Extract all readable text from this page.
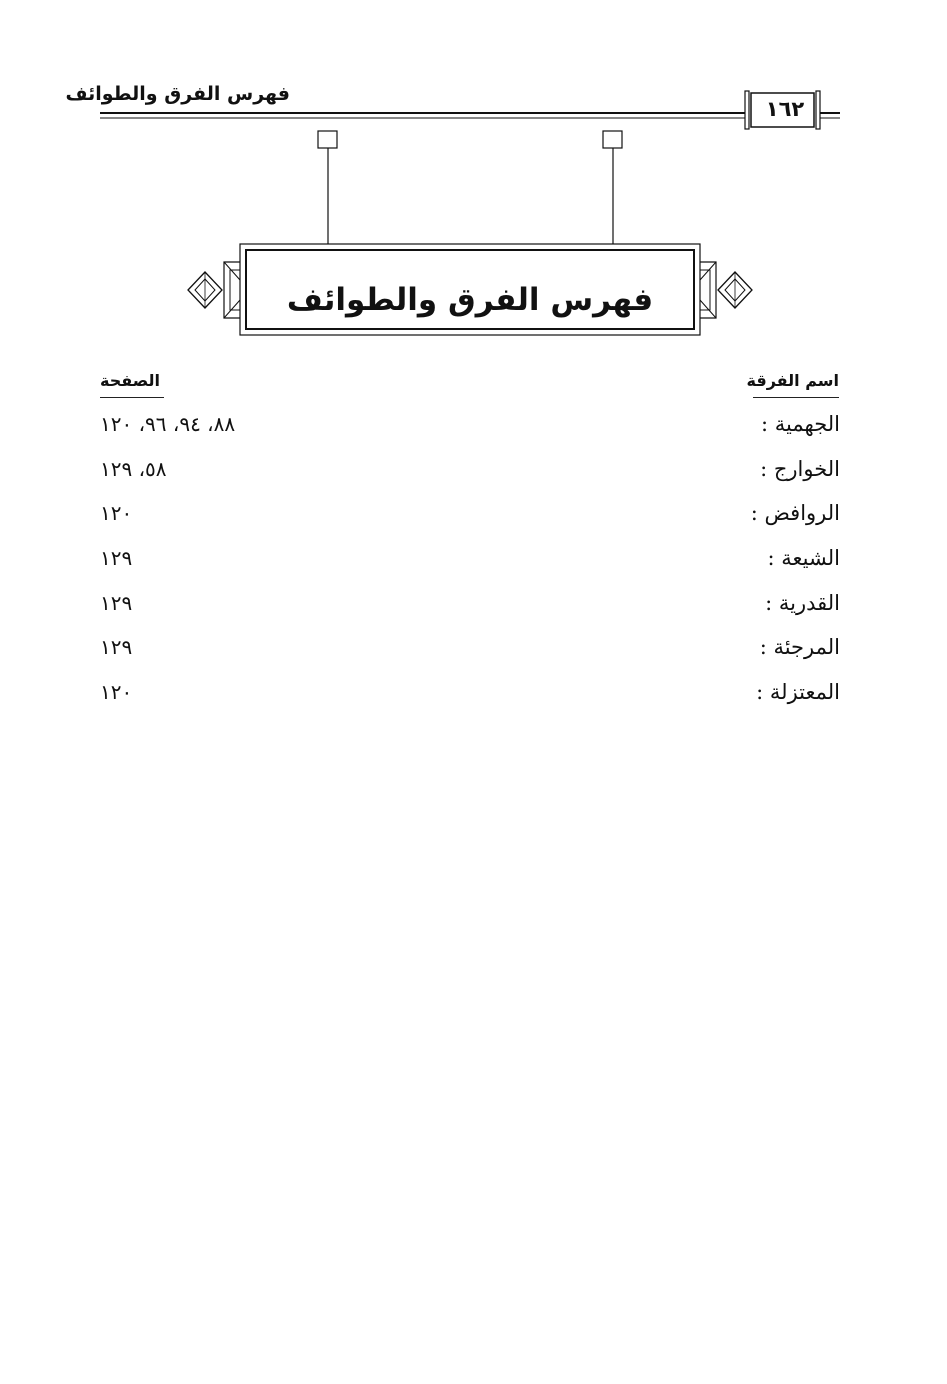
فهرس الفرق والطوائف
١٦٢
فهرس الفرق والطوائف
اسم الفرقة
الصفحة
الجهمية :
٨٨، ٩٤، ٩٦، ١٢٠
الخوارج :
٥٨، ١٢٩
الروافض :
١٢٠
الشيعة :
١٢٩
القدرية :
١٢٩
المرجئة :
١٢٩
المعتزلة :
١٢٠
